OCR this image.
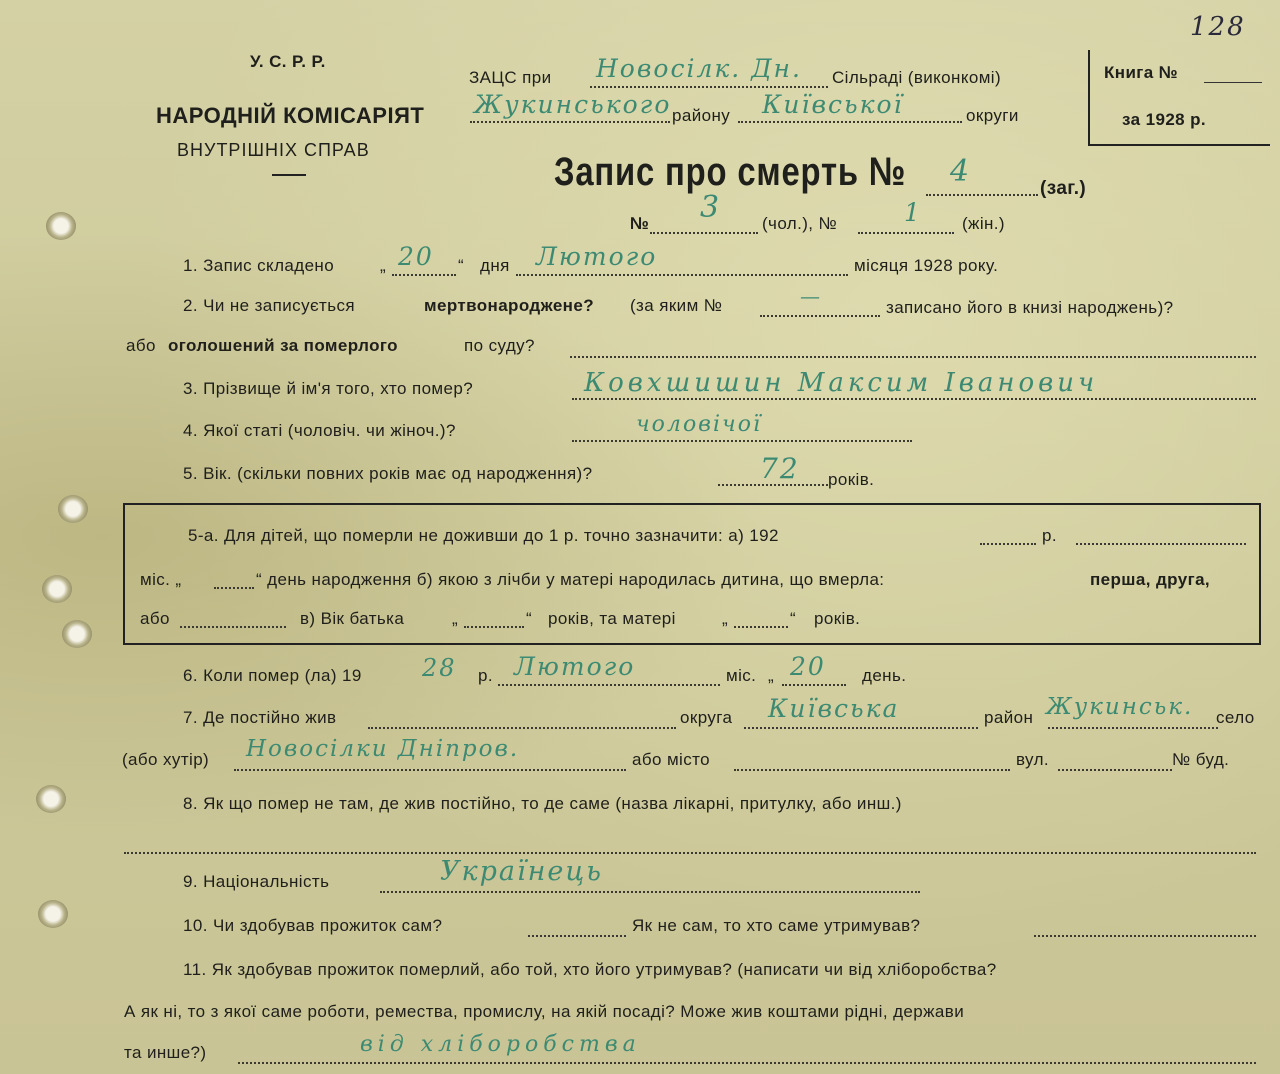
128
У. С. Р. Р.
НАРОДНІЙ КОМІСАРІЯТ
ВНУТРІШНІХ СПРАВ
ЗАЦС при Новосілк. Дн. Сільраді (виконкомі)
Жукинського району Київської	округи
Книга №
за 1928 р.
Запис про смерть № 4	(заг.)
№ 3 (чол.), №	1 (жін.)
1. Запис складено	„ 20 “ дня Лютого	місяця 1928 року.
2. Чи не записується	мертвонароджене? (за яким №	—	записано його в книзі народжень)?
або оголошений за померлого	по суду?
3. Прізвище й ім'я того, хто помер?	Ковхшишин Максим Іванович
4. Якої статі (чоловіч. чи жіноч.)?	чоловічої
5. Вік. (скільки повних років має од народження)?	72 років.
5-а. Для дітей, що померли не доживши до 1 р. точно зазначити: а) 192	р.
міс. „	“ день народження б) якою з лічби у матері народилась дитина, що вмерла:	перша, друга,
або	в) Вік батька	„	“ років, та матері	„	“ років.
6. Коли помер (ла) 19	28 р. Лютого	міс. „ 20 день.
7. Де постійно жив	округа Київська	район Жукинськ. село
(або хутір) Новосілки Дніпров.	або місто	вул.	№ буд.
8. Як що помер не там, де жив постійно, то де саме (назва лікарні, притулку, або инш.)
9. Національність	Українець
10. Чи здобував прожиток сам?	Як не сам, то хто саме утримував?
11. Як здобував прожиток померлий, або той, хто його утримував? (написати чи від хліборобства?
А як ні, то з якої саме роботи, ремества, промислу, на якій посаді? Може жив коштами рідні, держави
та инше?)	від хліборобства
